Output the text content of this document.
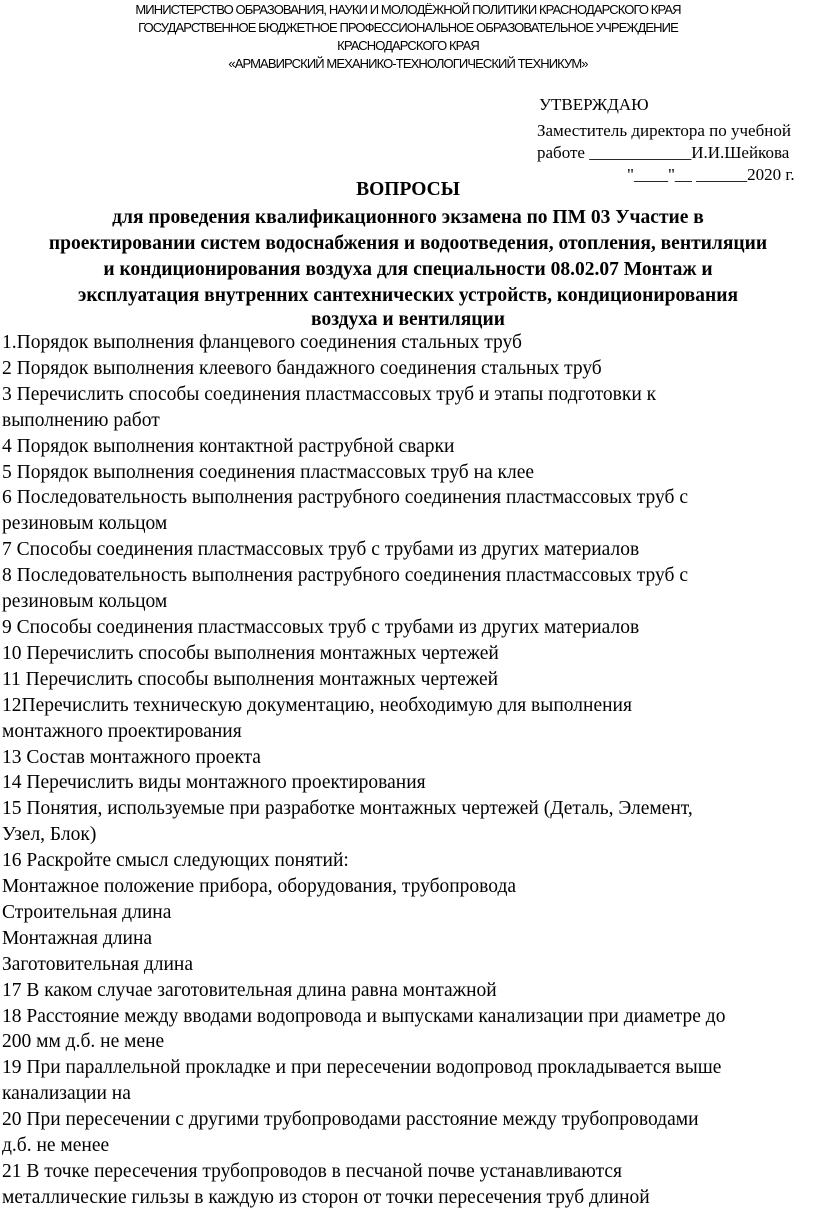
МИНИСТЕРСТВО ОБРАЗОВАНИЯ, НАУКИ И МОЛОДЁЖНОЙ ПОЛИТИКИ КРАСНОДАРСКОГО КРАЯ
ГОСУДАРСТВЕННОЕ БЮДЖЕТНОЕ ПРОФЕССИОНАЛЬНОЕ ОБРАЗОВАТЕЛЬНОЕ УЧРЕЖДЕНИЕ
КРАСНОДАРСКОГО КРАЯ
«АРМАВИРСКИЙ МЕХАНИКО-ТЕХНОЛОГИЧЕСКИЙ ТЕХНИКУМ»
УТВЕРЖДАЮ
Заместитель директора по учебной
работе ____________И.И.Шейкова
"____"__ ______2020 г.
ВОПРОСЫ
для проведения квалификационного экзамена по ПМ 03 Участие в
проектировании систем водоснабжения и водоотведения, отопления, вентиляции
и кондиционирования воздуха для специальности 08.02.07 Монтаж и
эксплуатация внутренних сантехнических устройств, кондиционирования
воздуха и вентиляции
1.Порядок выполнения фланцевого соединения стальных труб
2 Порядок выполнения клеевого бандажного соединения стальных труб
3 Перечислить способы соединения пластмассовых труб и этапы подготовки к
выполнению работ
4 Порядок выполнения контактной раструбной сварки
5 Порядок выполнения соединения пластмассовых труб на клее
6 Последовательность выполнения раструбного соединения пластмассовых труб с
резиновым кольцом
7 Способы соединения пластмассовых труб с трубами из других материалов
8 Последовательность выполнения раструбного соединения пластмассовых труб с
резиновым кольцом
9 Способы соединения пластмассовых труб с трубами из других материалов
10 Перечислить способы выполнения монтажных чертежей
11 Перечислить способы выполнения монтажных чертежей
12Перечислить техническую документацию, необходимую для выполнения
монтажного проектирования
13 Состав монтажного проекта
14 Перечислить виды монтажного проектирования
15 Понятия, используемые при разработке монтажных чертежей (Деталь, Элемент,
Узел, Блок)
16 Раскройте смысл следующих понятий:
Монтажное положение прибора, оборудования, трубопровода
Строительная длина
Монтажная длина
Заготовительная длина
17 В каком случае заготовительная длина равна монтажной
18 Расстояние между вводами водопровода и выпусками канализации при диаметре до
200 мм д.б. не мене
19 При параллельной прокладке и при пересечении водопровод прокладывается выше
канализации на
20 При пересечении с другими трубопроводами расстояние между трубопроводами
д.б. не менее
21 В точке пересечения трубопроводов в песчаной почве устанавливаются
металлические гильзы в каждую из сторон от точки пересечения труб длиной
